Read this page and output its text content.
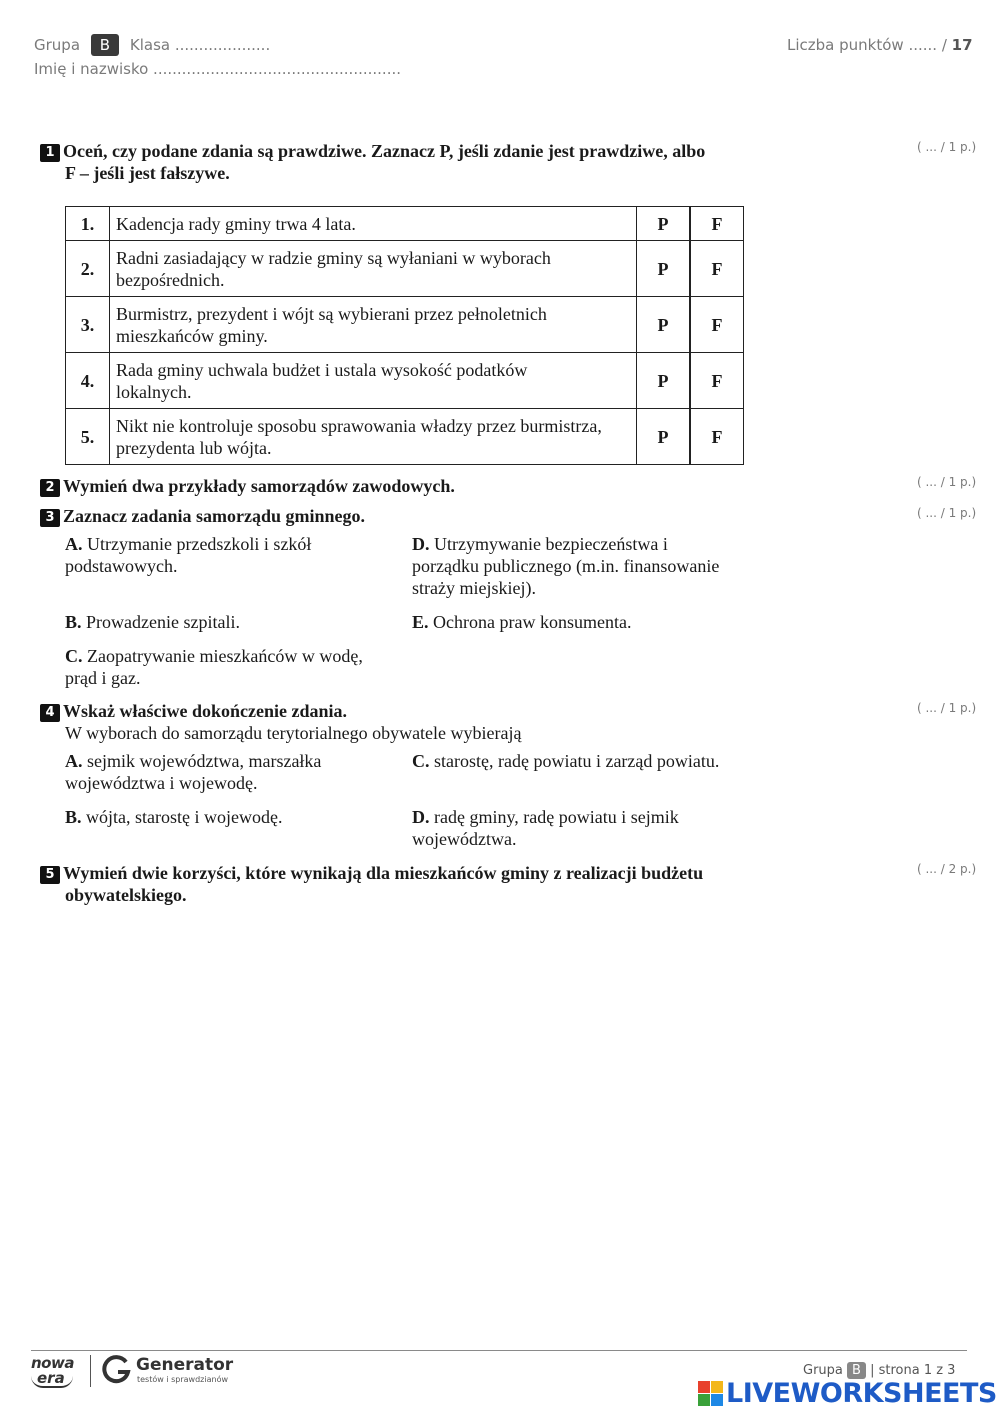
Grupa B Klasa ....................
Imię i nazwisko ....................................................
Liczba punktów ...... / 17
1 Oceń, czy podane zdania są prawdziwe. Zaznacz P, jeśli zdanie jest prawdziwe, albo
F – jeśli jest fałszywe.
( ... / 1 p.)
1.	Kadencja rady gminy trwa 4 lata.	P	F
2.	Radni zasiadający w radzie gminy są wyłaniani w wyborach
bezpośrednich.	P	F
3.	Burmistrz, prezydent i wójt są wybierani przez pełnoletnich
mieszkańców gminy.	P	F
4.	Rada gminy uchwala budżet i ustala wysokość podatków
lokalnych.	P	F
5.	Nikt nie kontroluje sposobu sprawowania władzy przez burmistrza,
prezydenta lub wójta.	P	F
2 Wymień dwa przykłady samorządów zawodowych.	( ... / 1 p.)
3 Zaznacz zadania samorządu gminnego.	( ... / 1 p.)
A. Utrzymanie przedszkoli i szkół
podstawowych.
D. Utrzymywanie bezpieczeństwa i
porządku publicznego (m.in. finansowanie
straży miejskiej).
B. Prowadzenie szpitali.	E. Ochrona praw konsumenta.
C. Zaopatrywanie mieszkańców w wodę,
prąd i gaz.
4 Wskaż właściwe dokończenie zdania.	( ... / 1 p.)
W wyborach do samorządu terytorialnego obywatele wybierają
A. sejmik województwa, marszałka
województwa i wojewodę.
C. starostę, radę powiatu i zarząd powiatu.
B. wójta, starostę i wojewodę.	D. radę gminy, radę powiatu i sejmik
województwa.
5 Wymień dwie korzyści, które wynikają dla mieszkańców gminy z realizacji budżetu
obywatelskiego.
( ... / 2 p.)
nowa
era
Generator
testów i sprawdzianów
Grupa B | strona 1 z 3
LIVEWORKSHEETS
